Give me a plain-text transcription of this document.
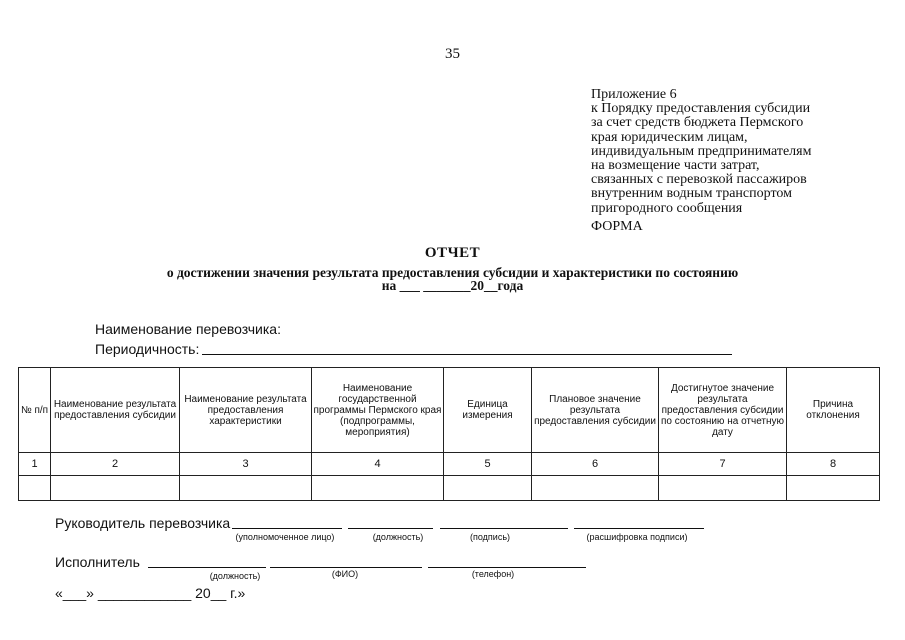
35
Приложение 6
к Порядку предоставления субсидии
за счет средств бюджета Пермского
края юридическим лицам,
индивидуальным предпринимателям
на возмещение части затрат,
связанных с перевозкой пассажиров
внутренним водным транспортом
пригородного сообщения
ФОРМА
ОТЧЕТ
о достижении значения результата предоставления субсидии и характеристики по состоянию
на ___ _______20__года
Наименование перевозчика:
Периодичность:
№ п/п	Наименование результата предоставления субсидии	Наименование результата предоставления характеристики	Наименование государственной программы Пермского края (подпрограммы, мероприятия)	Единица измерения	Плановое значение результата предоставления субсидии	Достигнутое значение результата предоставления субсидии по состоянию на отчетную дату	Причина отклонения
1	2	3	4	5	6	7	8

Руководитель перевозчика
(уполномоченное лицо)	(должность)	(подпись)	(расшифровка подписи)
Исполнитель
(должность)	(ФИО)	(телефон)
«___» ____________ 20__ г.»
